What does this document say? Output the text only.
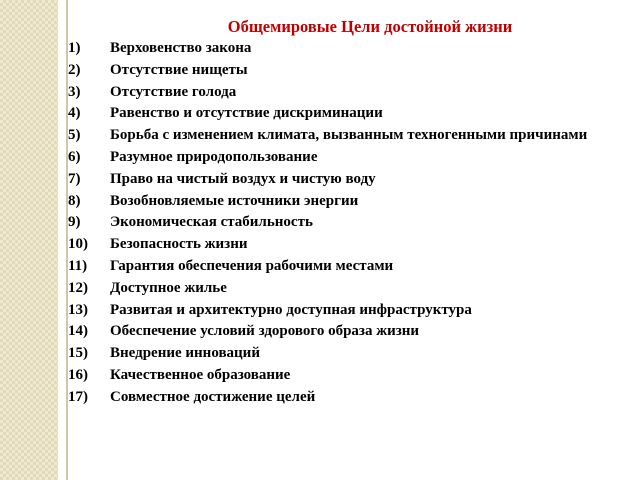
Общемировые Цели достойной жизни
1)	Верховенство закона
2)	Отсутствие нищеты
3)	Отсутствие голода
4)	Равенство и отсутствие дискриминации
5)	Борьба с изменением климата, вызванным техногенными причинами
6)	Разумное природопользование
7)	Право на чистый воздух и чистую воду
8)	Возобновляемые источники энергии
9)	Экономическая стабильность
10)	Безопасность жизни
11)	Гарантия обеспечения рабочими местами
12)	Доступное жилье
13)	Развитая и архитектурно доступная инфраструктура
14)	Обеспечение условий здорового образа жизни
15)	Внедрение инноваций
16)	Качественное образование
17)	Совместное достижение целей
